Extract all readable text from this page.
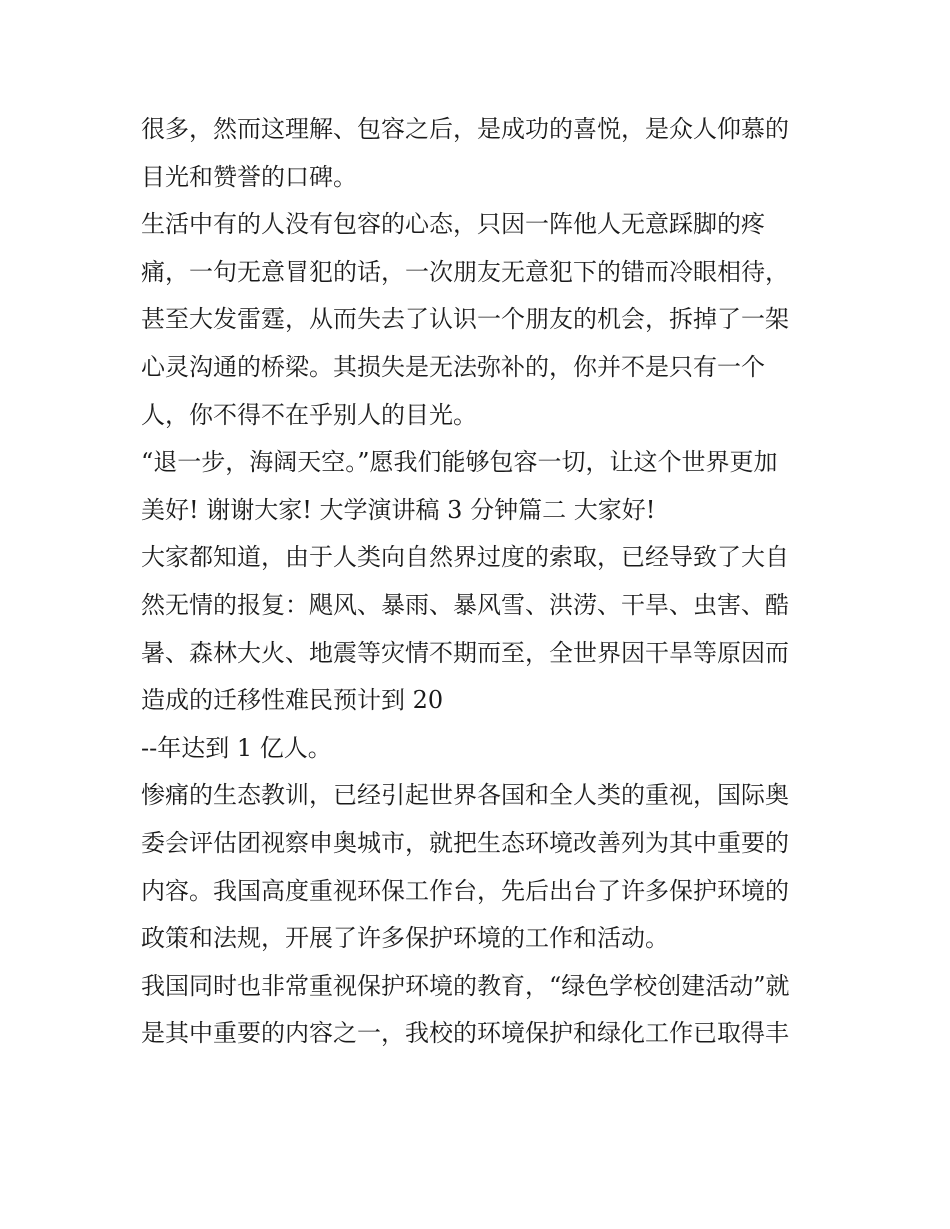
很多，然而这理解、包容之后，是成功的喜悦，是众人仰慕的
目光和赞誉的口碑。
生活中有的人没有包容的心态，只因一阵他人无意踩脚的疼
痛，一句无意冒犯的话，一次朋友无意犯下的错而冷眼相待，
甚至大发雷霆，从而失去了认识一个朋友的机会，拆掉了一架
心灵沟通的桥梁。其损失是无法弥补的，你并不是只有一个
人，你不得不在乎别人的目光。
“退一步，海阔天空。”愿我们能够包容一切，让这个世界更加
美好! 谢谢大家! 大学演讲稿 3 分钟篇二 大家好!
大家都知道，由于人类向自然界过度的索取，已经导致了大自
然无情的报复：飓风、暴雨、暴风雪、洪涝、干旱、虫害、酷
暑、森林大火、地震等灾情不期而至，全世界因干旱等原因而
造成的迁移性难民预计到 20
--年达到 1 亿人。
惨痛的生态教训，已经引起世界各国和全人类的重视，国际奥
委会评估团视察申奥城市，就把生态环境改善列为其中重要的
内容。我国高度重视环保工作台，先后出台了许多保护环境的
政策和法规，开展了许多保护环境的工作和活动。
我国同时也非常重视保护环境的教育，“绿色学校创建活动”就
是其中重要的内容之一，我校的环境保护和绿化工作已取得丰
